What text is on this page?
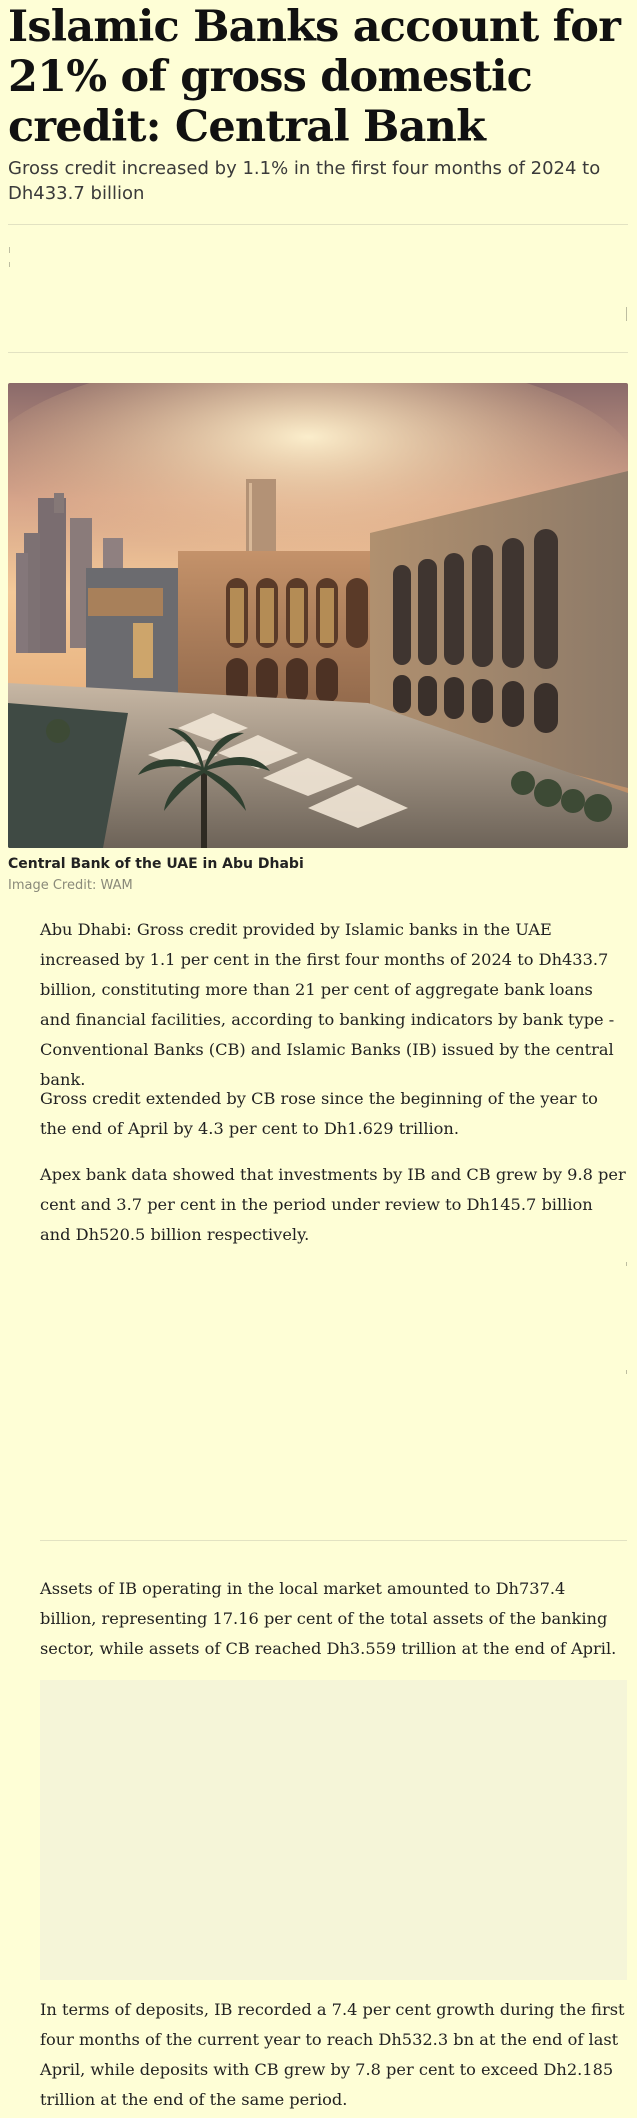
Islamic Banks account for 21% of gross domestic credit: Central Bank

Gross credit increased by 1.1% in the first four months of 2024 to Dh433.7 billion

Central Bank of the UAE in Abu Dhabi
Image Credit: WAM

Abu Dhabi: Gross credit provided by Islamic banks in the UAE increased by 1.1 per cent in the first four months of 2024 to Dh433.7 billion, constituting more than 21 per cent of aggregate bank loans and financial facilities, according to banking indicators by bank type - Conventional Banks (CB) and Islamic Banks (IB) issued by the central bank.

Gross credit extended by CB rose since the beginning of the year to the end of April by 4.3 per cent to Dh1.629 trillion.

Apex bank data showed that investments by IB and CB grew by 9.8 per cent and 3.7 per cent in the period under review to Dh145.7 billion and Dh520.5 billion respectively.

Assets of IB operating in the local market amounted to Dh737.4 billion, representing 17.16 per cent of the total assets of the banking sector, while assets of CB reached Dh3.559 trillion at the end of April.

In terms of deposits, IB recorded a 7.4 per cent growth during the first four months of the current year to reach Dh532.3 bn at the end of last April, while deposits with CB grew by 7.8 per cent to exceed Dh2.185 trillion at the end of the same period.
